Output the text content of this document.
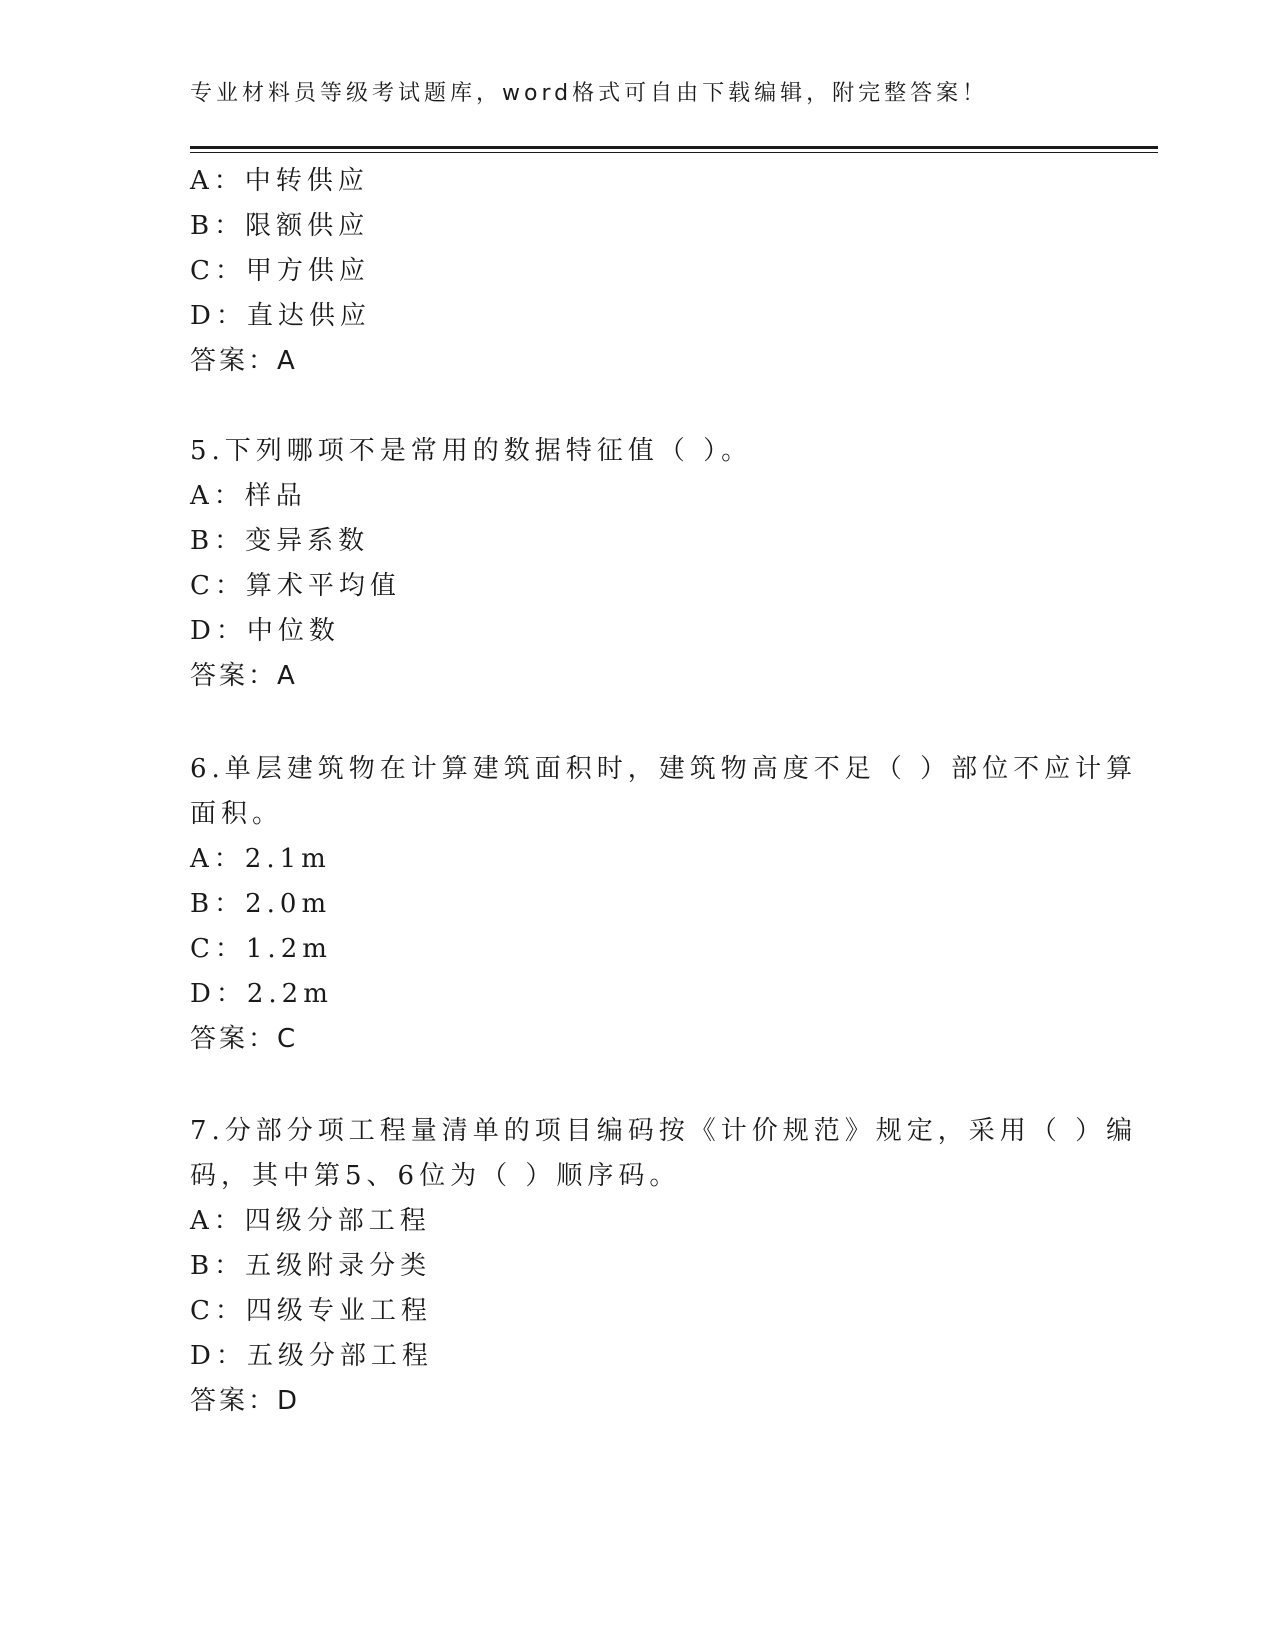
专业材料员等级考试题库，word格式可自由下载编辑，附完整答案！
A：中转供应
B：限额供应
C：甲方供应
D：直达供应
答案：A
5.下列哪项不是常用的数据特征值（ ）。
A：样品
B：变异系数
C：算术平均值
D：中位数
答案：A
6.单层建筑物在计算建筑面积时，建筑物高度不足（ ）部位不应计算
面积。
A：2.1m
B：2.0m
C：1.2m
D：2.2m
答案：C
7.分部分项工程量清单的项目编码按《计价规范》规定，采用（ ）编
码，其中第5、6位为（ ）顺序码。
A：四级分部工程
B：五级附录分类
C：四级专业工程
D：五级分部工程
答案：D
